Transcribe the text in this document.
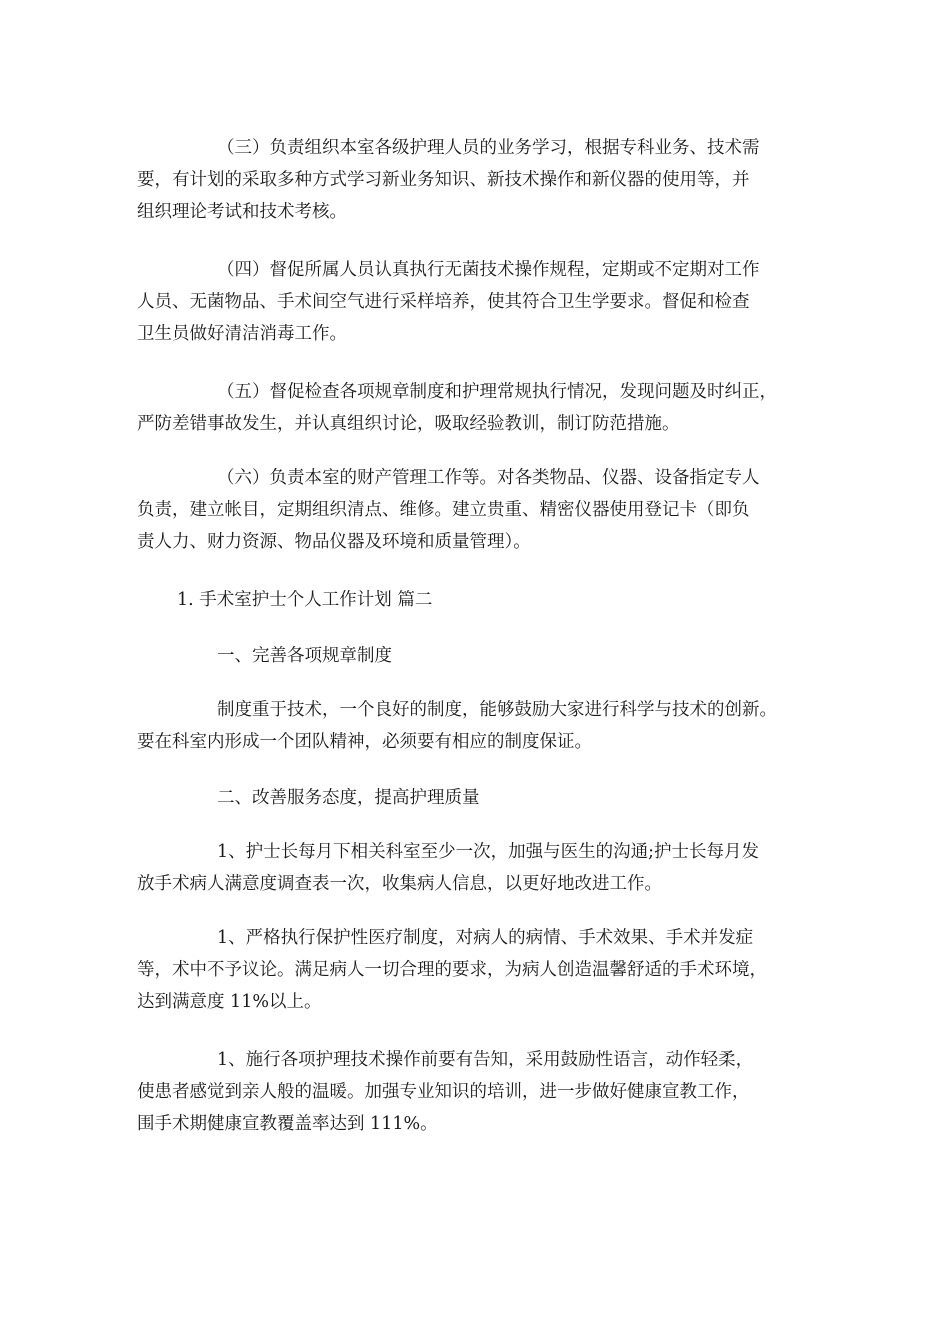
（三）负责组织本室各级护理人员的业务学习，根据专科业务、技术需
要，有计划的采取多种方式学习新业务知识、新技术操作和新仪器的使用等，并
组织理论考试和技术考核。
（四）督促所属人员认真执行无菌技术操作规程，定期或不定期对工作
人员、无菌物品、手术间空气进行采样培养，使其符合卫生学要求。督促和检查
卫生员做好清洁消毒工作。
（五）督促检查各项规章制度和护理常规执行情况，发现问题及时纠正，
严防差错事故发生，并认真组织讨论，吸取经验教训，制订防范措施。
（六）负责本室的财产管理工作等。对各类物品、仪器、设备指定专人
负责，建立帐目，定期组织清点、维修。建立贵重、精密仪器使用登记卡（即负
责人力、财力资源、物品仪器及环境和质量管理）。
1. 手术室护士个人工作计划 篇二
一、完善各项规章制度
制度重于技术，一个良好的制度，能够鼓励大家进行科学与技术的创新。
要在科室内形成一个团队精神，必须要有相应的制度保证。
二、改善服务态度，提高护理质量
1、护士长每月下相关科室至少一次，加强与医生的沟通;护士长每月发
放手术病人满意度调查表一次，收集病人信息，以更好地改进工作。
1、严格执行保护性医疗制度，对病人的病情、手术效果、手术并发症
等，术中不予议论。满足病人一切合理的要求，为病人创造温馨舒适的手术环境，
达到满意度 11%以上。
1、施行各项护理技术操作前要有告知，采用鼓励性语言，动作轻柔，
使患者感觉到亲人般的温暖。加强专业知识的培训，进一步做好健康宣教工作，
围手术期健康宣教覆盖率达到 111%。
